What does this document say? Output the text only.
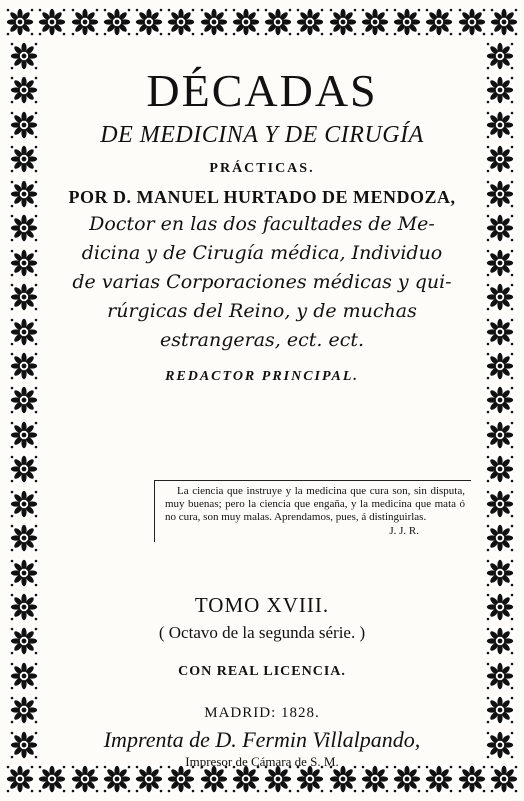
DÉCADAS
DE MEDICINA Y DE CIRUGÍA
PRÁCTICAS.
POR D. MANUEL HURTADO DE MENDOZA,
Doctor en las dos facultades de Me-
dicina y de Cirugía médica, Individuo
de varias Corporaciones médicas y qui-
rúrgicas del Reino, y de muchas
estrangeras, ect. ect.
REDACTOR PRINCIPAL.

La ciencia que instruye y la medicina que cura son, sin disputa, muy buenas; pero la ciencia que engaña, y la medicina que mata ó no cura, son muy malas. Aprendamos, pues, á distinguirlas.

J. J. R.
TOMO XVIII.
( Octavo de la segunda série. )
CON REAL LICENCIA.
MADRID: 1828.
Imprenta de D. Fermin Villalpando,
Impresor de Cámara de S. M.
